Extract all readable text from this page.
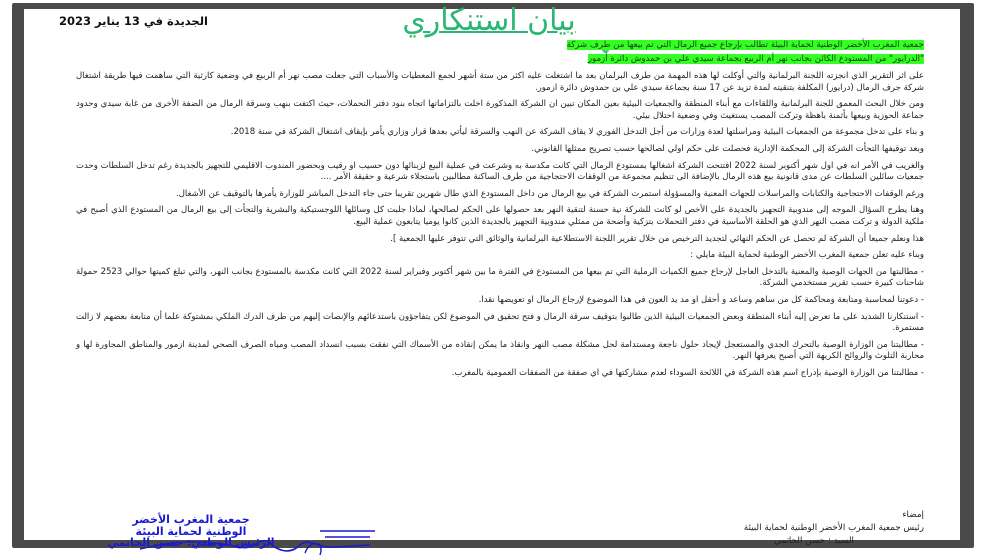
الجديدة في 13 يناير 2023	بيان استنكاري
جمعية المغرب الأخضر الوطنية لحماية البيئة تطالب بإرجاع جميع الرمال التي تم بيعها من طرف شركة
"الدرايور" من المستودع الكائن بجانب نهر أم الربيع بجماعة سيدي علي بن حمدوش دائرة أزمور

على اثر التقرير الذي انجزته اللجنة البرلمانية والتي أوكلت لها هذه المهمة من طرف البرلمان بعد ما اشتغلت عليه اكثر من ستة أشهر لجمع المعطيات والأسباب التي جعلت مصب نهر أم الربيع في وضعية كارثية التي ساهمت فيها طريقة اشتغال شركة جرف الرمال (درايور) المكلفة بتنقيته لمدة تزيد عن 17 سنة بجماعة سيدي علي بن حمدوش دائرة ازمور.

ومن خلال البحث المعمق للجنة البرلمانية واللقاءات مع أبناء المنطقة والجمعيات البيئية بعين المكان تبين ان الشركة المذكورة اخلت بالتزاماتها اتجاه بنود دفتر التحملات، حيث اكتفت بنهب وسرقة الرمال من الضفة الأخرى من غابة سيدي وحدود جماعة الحوزية وبيعها بأثمنة باهظة وتركت المصب يستغيث وفي وضعية احتلال بيئي.

و بناء على تدخل مجموعة من الجمعيات البيئية ومراسلتها لعدة وزارات من أجل التدخل الفوري لا يقاف الشركة عن النهب والسرقة ليأتي بعدها قرار وزاري يأمر بإيقاف اشتغال الشركة في سنة 2018.

وبعد توقيفها التجأت الشركة إلى المحكمة الإدارية فحصلت على حكم اولي لصالحها حسب تصريح ممثلها القانوني.

والغريب في الأمر انه في اول شهر أكتوبر لسنة 2022 افتتحت الشركة اشغالها بمستودع الرمال التي كانت مكدسة به وشرعت في عملية البيع لزبنائها دون حسيب او رقيب وبحضور المندوب الاقليمي للتجهيز بالجديدة رغم تدخل السلطات وحدت جمعيات سائلين السلطات عن مدى قانونية بيع هذه الرمال بالإضافة الى تنظيم مجموعة من الوقفات الاحتجاجية من طرف الساكنة مطالبين باستجلاء شرعية و حقيقة الأمر ....

ورغم الوقفات الاحتجاجية والكتابات والمراسلات للجهات المعنية والمسؤولة استمرت الشركة في بيع الرمال من داخل المستودع الذي طال شهرين تقريبا حتى جاء التدخل المباشر للوزارة يأمرها بالتوقيف عن الأشغال.

وهنا يطرح السؤال الموجه إلى مندوبية التجهيز بالجديدة على الأخص لو كانت للشركة نية حسنة لتنقية النهر بعد حصولها على الحكم لصالحها، لماذا جلبت كل وسائلها اللوجستيكية والبشرية والتجأت إلى بيع الرمال من المستودع الذي أصبح في ملكية الدولة و تركت مصب النهر الذي هو الحلقة الأساسية في دفتر التحملات بتزكية وأضحة من ممثلي مندوبية التجهيز بالجديدة الذين كانوا يوميا يتابعون عملية البيع.

هذا ونعلم جميعا أن الشركة لم تحصل عن الحكم النهائي لتجديد الترخيص من خلال تقرير اللجنة الاستطلاعية البرلمانية والوثائق التي تتوفر عليها الجمعية ].

وبناء عليه تعلن جمعية المغرب الأخضر الوطنية لحماية البيئة مايلي :

- مطالبتها من الجهات الوصية والمعنية بالتدخل العاجل لإرجاع جميع الكميات الرملية التي تم بيعها من المستودع في الفترة ما بين شهر أكتوبر وفبراير لسنة 2022 التي كانت مكدسة بالمستودع بجانب النهر، والتي تبلغ كميتها حوالي 2523 حمولة شاحنات كبيرة حسب تقرير مستخدمي الشركة.

- دعوتنا لمحاسبة ومتابعة ومحاكمة كل من ساهم وساعد و أحقل او مد يد العون في هذا الموضوع لإرجاع الرمال او تعويضها نقدا.

- استنكارنا الشديد على ما تعرض إليه أبناء المنطقة وبعض الجمعيات البيئية الذين طالبوا بتوقيف سرقة الرمال و فتح تحقيق في الموضوع لكن يتفاجؤون باستدعائهم والإنصات إليهم من طرف الدرك الملكي بمشتوكة علما أن متابعة بعضهم لا زالت مستمرة.

- مطالبتنا من الوزارة الوصية بالتحرك الجدي والمستعجل لإيجاد حلول ناجعة ومستدامة لحل مشكلة مصب النهر وانقاذ ما يمكن إنقاذه من الأسماك التي نفقت بسبب انسداد المصب ومياه الصرف الصحي لمدينة ازمور والمناطق المجاورة لها و محاربة التلوث والروائح الكريهة التي أصبح يعرفها النهر.

- مطالبتنا من الوزارة الوصية بإدراج اسم هذه الشركة في اللائحة السوداء لعدم مشاركتها في اي صفقة من الصفقات العمومية بالمغرب.

إمضاء
رئيس جمعية المغرب الأخضر الوطنية لحماية البيئة
السيد : حسن الحاتمي
جمعية المغرب الأخضر
الوطنية لحماية البيئة
الرئيس الوطني: حسن الحاتمي
